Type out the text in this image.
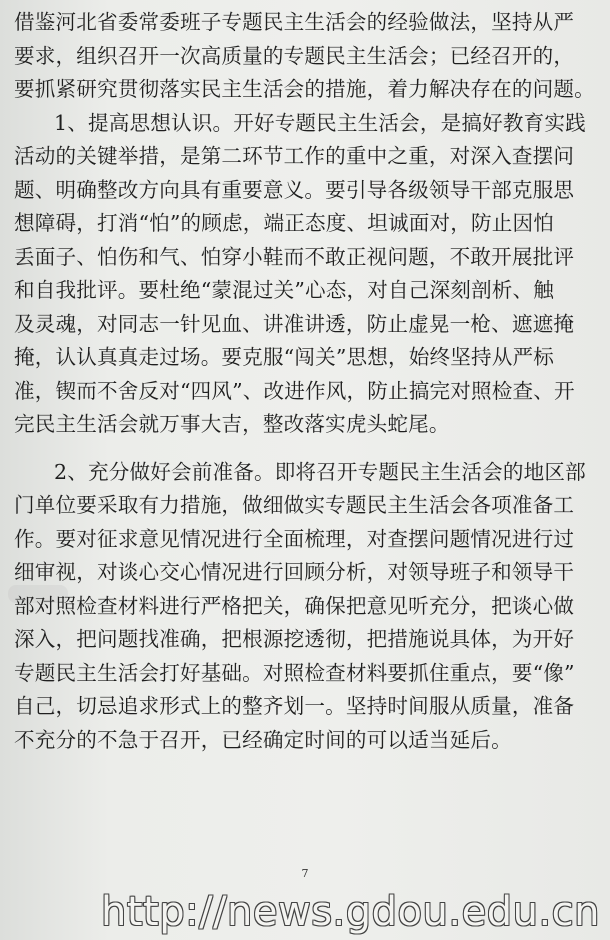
借鉴河北省委常委班子专题民主生活会的经验做法，坚持从严
要求，组织召开一次高质量的专题民主生活会；已经召开的，
要抓紧研究贯彻落实民主生活会的措施，着力解决存在的问题。
1、提高思想认识。开好专题民主生活会，是搞好教育实践
活动的关键举措，是第二环节工作的重中之重，对深入查摆问
题、明确整改方向具有重要意义。要引导各级领导干部克服思
想障碍，打消“怕”的顾虑，端正态度、坦诚面对，防止因怕
丢面子、怕伤和气、怕穿小鞋而不敢正视问题，不敢开展批评
和自我批评。要杜绝“蒙混过关”心态，对自己深刻剖析、触
及灵魂，对同志一针见血、讲准讲透，防止虚晃一枪、遮遮掩
掩，认认真真走过场。要克服“闯关”思想，始终坚持从严标
准，锲而不舍反对“四风”、改进作风，防止搞完对照检查、开
完民主生活会就万事大吉，整改落实虎头蛇尾。
2、充分做好会前准备。即将召开专题民主生活会的地区部
门单位要采取有力措施，做细做实专题民主生活会各项准备工
作。要对征求意见情况进行全面梳理，对查摆问题情况进行过
细审视，对谈心交心情况进行回顾分析，对领导班子和领导干
部对照检查材料进行严格把关，确保把意见听充分，把谈心做
深入，把问题找准确，把根源挖透彻，把措施说具体，为开好
专题民主生活会打好基础。对照检查材料要抓住重点，要“像”
自己，切忌追求形式上的整齐划一。坚持时间服从质量，准备
不充分的不急于召开，已经确定时间的可以适当延后。
7
http://news.gdou.edu.cn
